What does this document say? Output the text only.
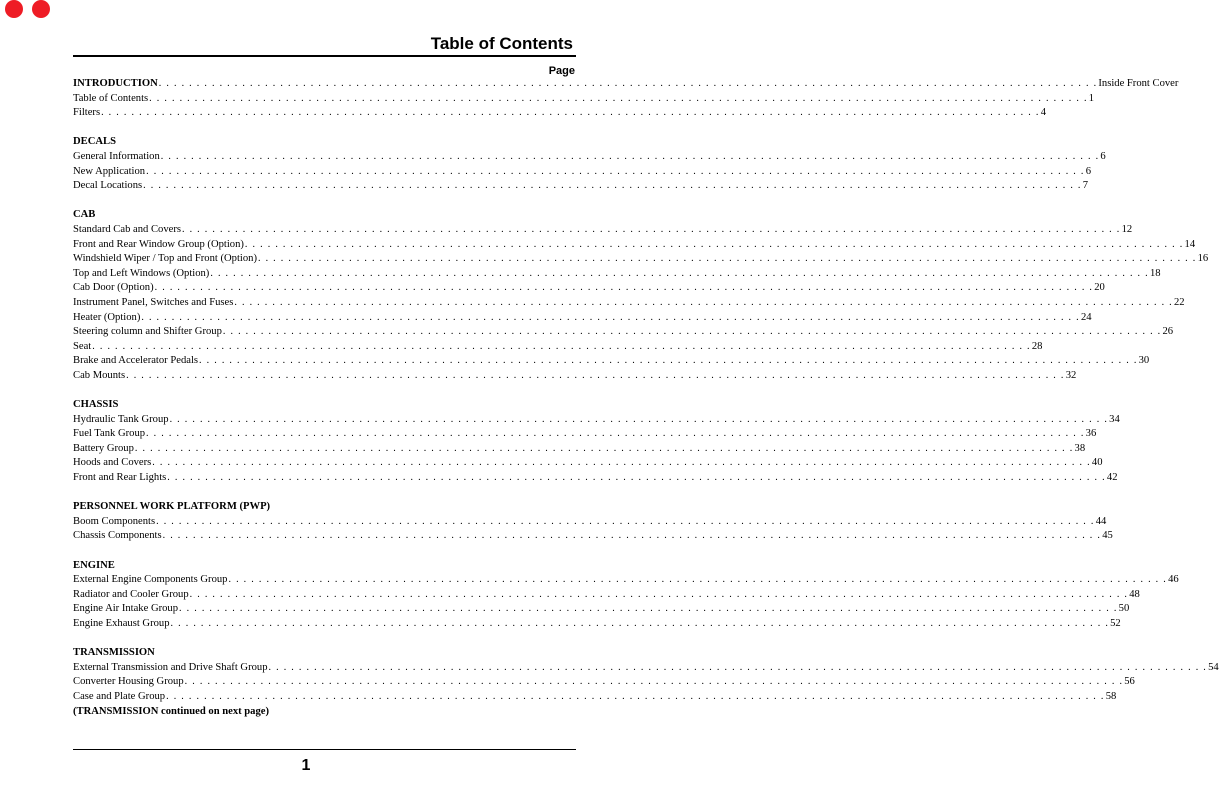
Table of Contents
Page
INTRODUCTION . . . . . . . . . . . . . . . . . . . . . . . . . . . . . . . . . . . . . . . . . . . . . . . . . . . . . . . . . . . . . . . . . . . . . . . . . . . . . . . . . . . . . . . . . . . . . . . . . . . . . . . . . . . . . . . . . . . . . . . . . . . . Inside Front Cover
Table of Contents . . . . . . . . . . . . . . . . . . . . . . . . . . . . . . . . . . . . . . . . . . . . . . . . . . . . . . . . . . . . . . . . . . . . . . . . . . . . . . . . . . . . . . . . . . . . . . . . . . . . . . . . . . . . . . . . . . . . . . . . . . . . 1
Filters . . . . . . . . . . . . . . . . . . . . . . . . . . . . . . . . . . . . . . . . . . . . . . . . . . . . . . . . . . . . . . . . . . . . . . . . . . . . . . . . . . . . . . . . . . . . . . . . . . . . . . . . . . . . . . . . . . . . . . . . . . . . 4
DECALS
General Information . . . . . . . . . . . . . . . . . . . . . . . . . . . . . . . . . . . . . . . . . . . . . . . . . . . . . . . . . . . . . . . . . . . . . . . . . . . . . . . . . . . . . . . . . . . . . . . . . . . . . . . . . . . . . . . . . . . . . . . . . . . . 6
New Application . . . . . . . . . . . . . . . . . . . . . . . . . . . . . . . . . . . . . . . . . . . . . . . . . . . . . . . . . . . . . . . . . . . . . . . . . . . . . . . . . . . . . . . . . . . . . . . . . . . . . . . . . . . . . . . . . . . . . . . . . . . . 6
Decal Locations . . . . . . . . . . . . . . . . . . . . . . . . . . . . . . . . . . . . . . . . . . . . . . . . . . . . . . . . . . . . . . . . . . . . . . . . . . . . . . . . . . . . . . . . . . . . . . . . . . . . . . . . . . . . . . . . . . . . . . . . . . . . 7
CAB
Standard Cab and Covers . . . . . . . . . . . . . . . . . . . . . . . . . . . . . . . . . . . . . . . . . . . . . . . . . . . . . . . . . . . . . . . . . . . . . . . . . . . . . . . . . . . . . . . . . . . . . . . . . . . . . . . . . . . . . . . . . . . . . . . . . . . . 12
Front and Rear Window Group (Option) . . . . . . . . . . . . . . . . . . . . . . . . . . . . . . . . . . . . . . . . . . . . . . . . . . . . . . . . . . . . . . . . . . . . . . . . . . . . . . . . . . . . . . . . . . . . . . . . . . . . . . . . . . . . . . . . . . . . . . . . . . . . 14
Windshield Wiper / Top and Front (Option) . . . . . . . . . . . . . . . . . . . . . . . . . . . . . . . . . . . . . . . . . . . . . . . . . . . . . . . . . . . . . . . . . . . . . . . . . . . . . . . . . . . . . . . . . . . . . . . . . . . . . . . . . . . . . . . . . . . . . . . . . . . . 16
Top and Left Windows (Option) . . . . . . . . . . . . . . . . . . . . . . . . . . . . . . . . . . . . . . . . . . . . . . . . . . . . . . . . . . . . . . . . . . . . . . . . . . . . . . . . . . . . . . . . . . . . . . . . . . . . . . . . . . . . . . . . . . . . . . . . . . . . 18
Cab Door (Option) . . . . . . . . . . . . . . . . . . . . . . . . . . . . . . . . . . . . . . . . . . . . . . . . . . . . . . . . . . . . . . . . . . . . . . . . . . . . . . . . . . . . . . . . . . . . . . . . . . . . . . . . . . . . . . . . . . . . . . . . . . . . 20
Instrument Panel, Switches and Fuses . . . . . . . . . . . . . . . . . . . . . . . . . . . . . . . . . . . . . . . . . . . . . . . . . . . . . . . . . . . . . . . . . . . . . . . . . . . . . . . . . . . . . . . . . . . . . . . . . . . . . . . . . . . . . . . . . . . . . . . . . . . . 22
Heater (Option) . . . . . . . . . . . . . . . . . . . . . . . . . . . . . . . . . . . . . . . . . . . . . . . . . . . . . . . . . . . . . . . . . . . . . . . . . . . . . . . . . . . . . . . . . . . . . . . . . . . . . . . . . . . . . . . . . . . . . . . . . . . . 24
Steering column and Shifter Group . . . . . . . . . . . . . . . . . . . . . . . . . . . . . . . . . . . . . . . . . . . . . . . . . . . . . . . . . . . . . . . . . . . . . . . . . . . . . . . . . . . . . . . . . . . . . . . . . . . . . . . . . . . . . . . . . . . . . . . . . . . . 26
Seat . . . . . . . . . . . . . . . . . . . . . . . . . . . . . . . . . . . . . . . . . . . . . . . . . . . . . . . . . . . . . . . . . . . . . . . . . . . . . . . . . . . . . . . . . . . . . . . . . . . . . . . . . . . . . . . . . . . . . . . . . . . . 28
Brake and Accelerator Pedals . . . . . . . . . . . . . . . . . . . . . . . . . . . . . . . . . . . . . . . . . . . . . . . . . . . . . . . . . . . . . . . . . . . . . . . . . . . . . . . . . . . . . . . . . . . . . . . . . . . . . . . . . . . . . . . . . . . . . . . . . . . . 30
Cab Mounts . . . . . . . . . . . . . . . . . . . . . . . . . . . . . . . . . . . . . . . . . . . . . . . . . . . . . . . . . . . . . . . . . . . . . . . . . . . . . . . . . . . . . . . . . . . . . . . . . . . . . . . . . . . . . . . . . . . . . . . . . . . . 32
CHASSIS
Hydraulic Tank Group . . . . . . . . . . . . . . . . . . . . . . . . . . . . . . . . . . . . . . . . . . . . . . . . . . . . . . . . . . . . . . . . . . . . . . . . . . . . . . . . . . . . . . . . . . . . . . . . . . . . . . . . . . . . . . . . . . . . . . . . . . . . 34
Fuel Tank Group . . . . . . . . . . . . . . . . . . . . . . . . . . . . . . . . . . . . . . . . . . . . . . . . . . . . . . . . . . . . . . . . . . . . . . . . . . . . . . . . . . . . . . . . . . . . . . . . . . . . . . . . . . . . . . . . . . . . . . . . . . . . 36
Battery Group . . . . . . . . . . . . . . . . . . . . . . . . . . . . . . . . . . . . . . . . . . . . . . . . . . . . . . . . . . . . . . . . . . . . . . . . . . . . . . . . . . . . . . . . . . . . . . . . . . . . . . . . . . . . . . . . . . . . . . . . . . . . 38
Hoods and Covers . . . . . . . . . . . . . . . . . . . . . . . . . . . . . . . . . . . . . . . . . . . . . . . . . . . . . . . . . . . . . . . . . . . . . . . . . . . . . . . . . . . . . . . . . . . . . . . . . . . . . . . . . . . . . . . . . . . . . . . . . . . . 40
Front and Rear Lights . . . . . . . . . . . . . . . . . . . . . . . . . . . . . . . . . . . . . . . . . . . . . . . . . . . . . . . . . . . . . . . . . . . . . . . . . . . . . . . . . . . . . . . . . . . . . . . . . . . . . . . . . . . . . . . . . . . . . . . . . . . . 42
PERSONNEL WORK PLATFORM (PWP)
Boom Components . . . . . . . . . . . . . . . . . . . . . . . . . . . . . . . . . . . . . . . . . . . . . . . . . . . . . . . . . . . . . . . . . . . . . . . . . . . . . . . . . . . . . . . . . . . . . . . . . . . . . . . . . . . . . . . . . . . . . . . . . . . . 44
Chassis Components . . . . . . . . . . . . . . . . . . . . . . . . . . . . . . . . . . . . . . . . . . . . . . . . . . . . . . . . . . . . . . . . . . . . . . . . . . . . . . . . . . . . . . . . . . . . . . . . . . . . . . . . . . . . . . . . . . . . . . . . . . . . 45
ENGINE
External Engine Components Group . . . . . . . . . . . . . . . . . . . . . . . . . . . . . . . . . . . . . . . . . . . . . . . . . . . . . . . . . . . . . . . . . . . . . . . . . . . . . . . . . . . . . . . . . . . . . . . . . . . . . . . . . . . . . . . . . . . . . . . . . . . . 46
Radiator and Cooler Group . . . . . . . . . . . . . . . . . . . . . . . . . . . . . . . . . . . . . . . . . . . . . . . . . . . . . . . . . . . . . . . . . . . . . . . . . . . . . . . . . . . . . . . . . . . . . . . . . . . . . . . . . . . . . . . . . . . . . . . . . . . . 48
Engine Air Intake Group . . . . . . . . . . . . . . . . . . . . . . . . . . . . . . . . . . . . . . . . . . . . . . . . . . . . . . . . . . . . . . . . . . . . . . . . . . . . . . . . . . . . . . . . . . . . . . . . . . . . . . . . . . . . . . . . . . . . . . . . . . . . 50
Engine Exhaust Group . . . . . . . . . . . . . . . . . . . . . . . . . . . . . . . . . . . . . . . . . . . . . . . . . . . . . . . . . . . . . . . . . . . . . . . . . . . . . . . . . . . . . . . . . . . . . . . . . . . . . . . . . . . . . . . . . . . . . . . . . . . . 52
TRANSMISSION
External Transmission and Drive Shaft Group . . . . . . . . . . . . . . . . . . . . . . . . . . . . . . . . . . . . . . . . . . . . . . . . . . . . . . . . . . . . . . . . . . . . . . . . . . . . . . . . . . . . . . . . . . . . . . . . . . . . . . . . . . . . . . . . . . . . . . . . . . . . 54
Converter Housing Group . . . . . . . . . . . . . . . . . . . . . . . . . . . . . . . . . . . . . . . . . . . . . . . . . . . . . . . . . . . . . . . . . . . . . . . . . . . . . . . . . . . . . . . . . . . . . . . . . . . . . . . . . . . . . . . . . . . . . . . . . . . . 56
Case and Plate Group . . . . . . . . . . . . . . . . . . . . . . . . . . . . . . . . . . . . . . . . . . . . . . . . . . . . . . . . . . . . . . . . . . . . . . . . . . . . . . . . . . . . . . . . . . . . . . . . . . . . . . . . . . . . . . . . . . . . . . . . . . . . 58
(TRANSMISSION continued on next page)
1
